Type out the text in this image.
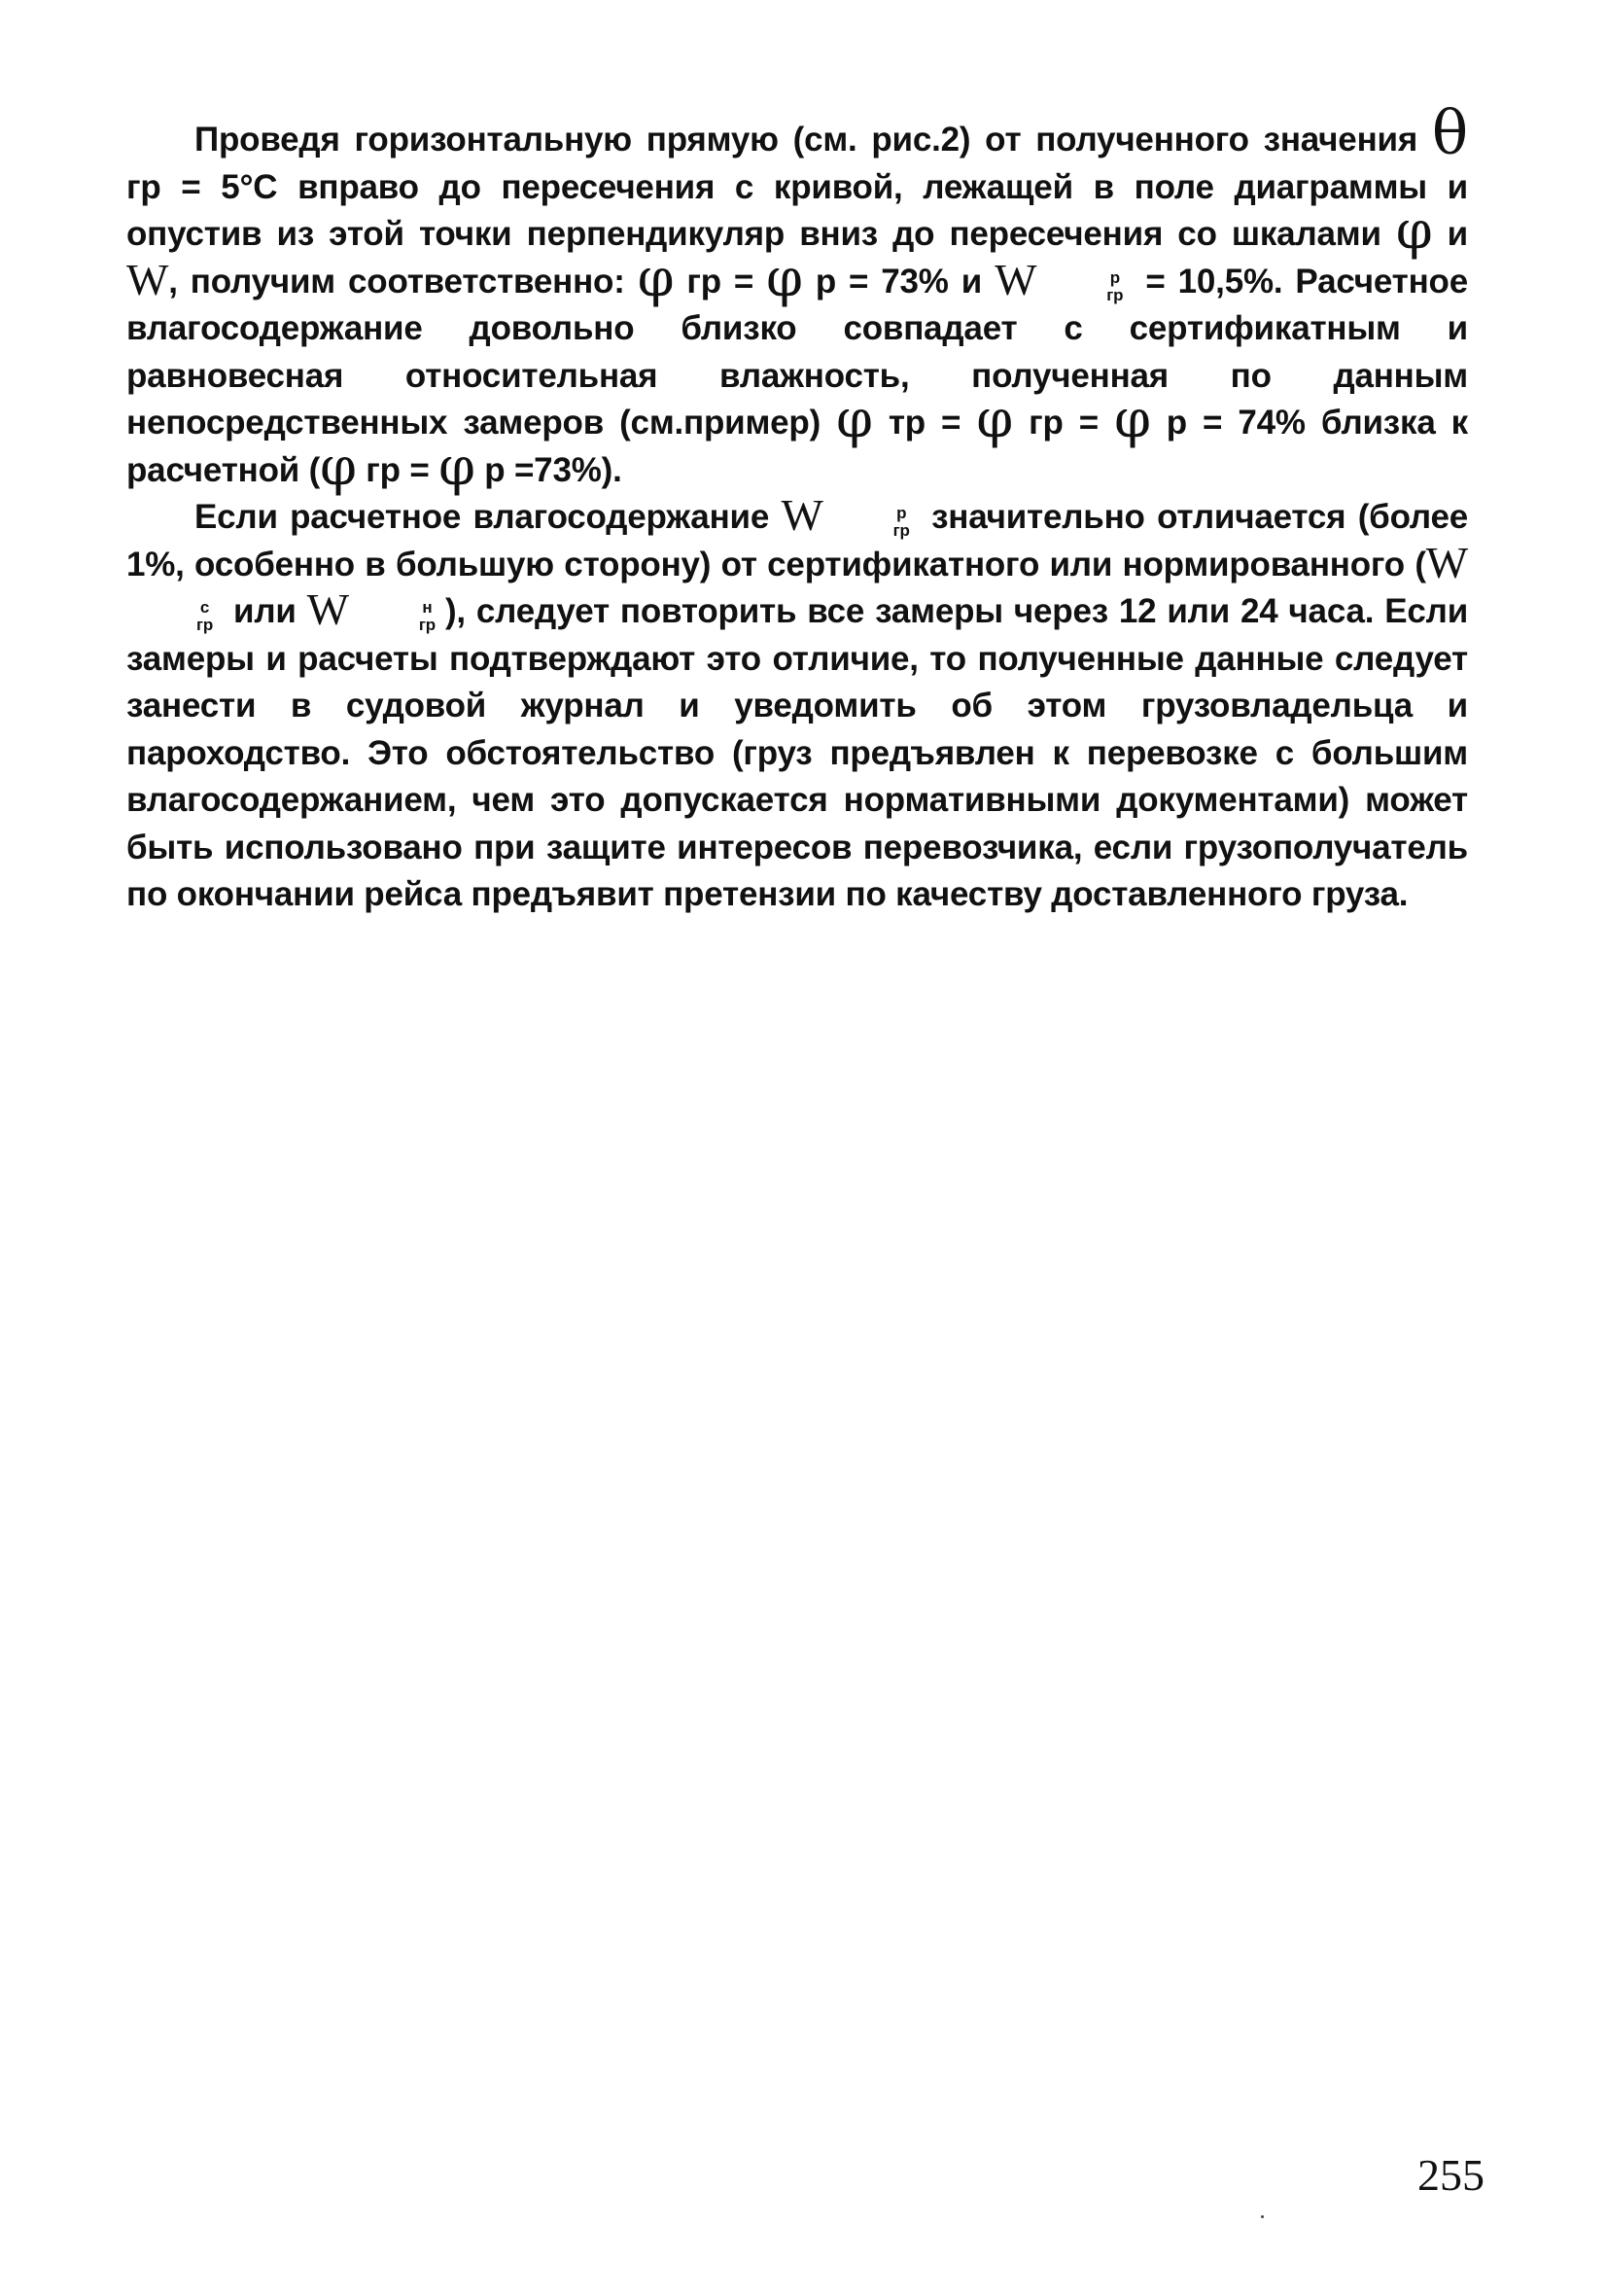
Проведя горизонтальную прямую (см. рис.2) от полученного значения θ гр = 5°С вправо до пересечения с кривой, лежащей в поле диаграммы и опустив из этой точки перпендикуляр вниз до пересечения со шкалами φ и W, получим соответственно: φ гр = φ р = 73% и W	р
гр = 10,5%. Расчетное влагосодержание довольно близко совпадает с сертификатным и равновесная относительная влажность, полученная по данным непосредственных замеров (см.пример) φ тр = φ гр = φ р = 74% близка к расчетной (φ гр = φ р =73%).

Если расчетное влагосодержание W	р
гр значительно отличается (более 1%, особенно в большую сторону) от сертификатного или нормированного (W
с
гр или W	н
гр ), следует повторить все замеры через 12 или 24 часа. Если замеры и расчеты подтверждают это отличие, то полученные данные следует занести в судовой журнал и уведомить об этом грузовладельца и пароходство. Это обстоятельство (груз предъявлен к перевозке с большим влагосодержанием, чем это допускается нормативными документами) может быть использовано при защите интересов перевозчика, если грузополучатель по окончании рейса предъявит претензии по качеству доставленного груза.

255
